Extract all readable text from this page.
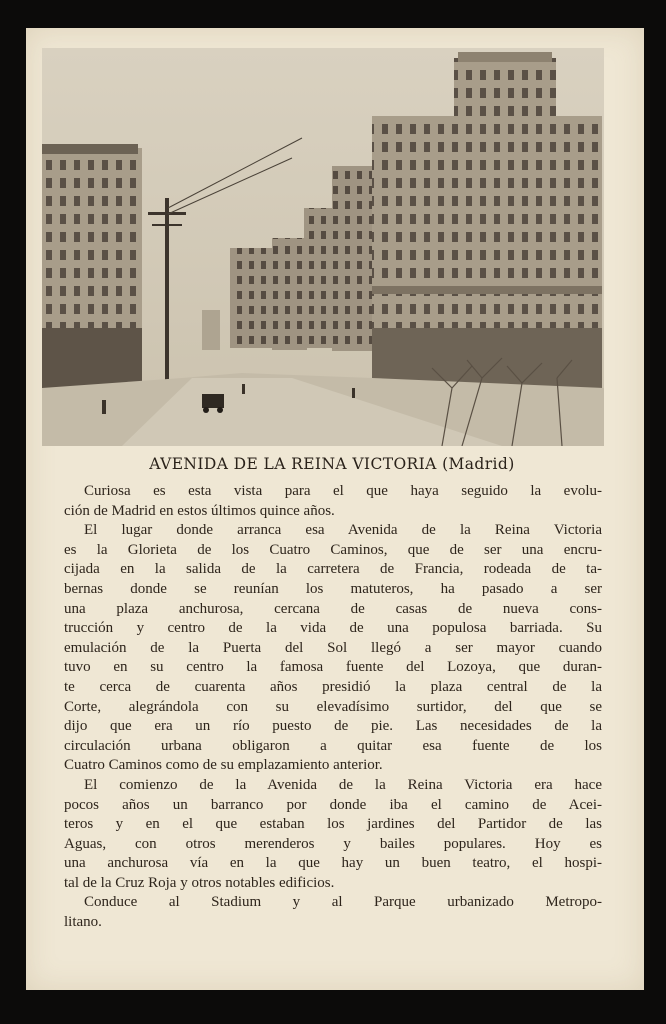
AVENIDA DE LA REINA VICTORIA (Madrid)
Curiosa es esta vista para el que haya seguido la evolu-
ción de Madrid en estos últimos quince años.
El lugar donde arranca esa Avenida de la Reina Victoria
es la Glorieta de los Cuatro Caminos, que de ser una encru-
cijada en la salida de la carretera de Francia, rodeada de ta-
bernas donde se reunían los matuteros, ha pasado a ser
una plaza anchurosa, cercana de casas de nueva cons-
trucción y centro de la vida de una populosa barriada. Su
emulación de la Puerta del Sol llegó a ser mayor cuando
tuvo en su centro la famosa fuente del Lozoya, que duran-
te cerca de cuarenta años presidió la plaza central de la
Corte, alegrándola con su elevadísimo surtidor, del que se
dijo que era un río puesto de pie. Las necesidades de la
circulación urbana obligaron a quitar esa fuente de los
Cuatro Caminos como de su emplazamiento anterior.
El comienzo de la Avenida de la Reina Victoria era hace
pocos años un barranco por donde iba el camino de Acei-
teros y en el que estaban los jardines del Partidor de las
Aguas, con otros merenderos y bailes populares. Hoy es
una anchurosa vía en la que hay un buen teatro, el hospi-
tal de la Cruz Roja y otros notables edificios.
Conduce al Stadium y al Parque urbanizado Metropo-
litano.
